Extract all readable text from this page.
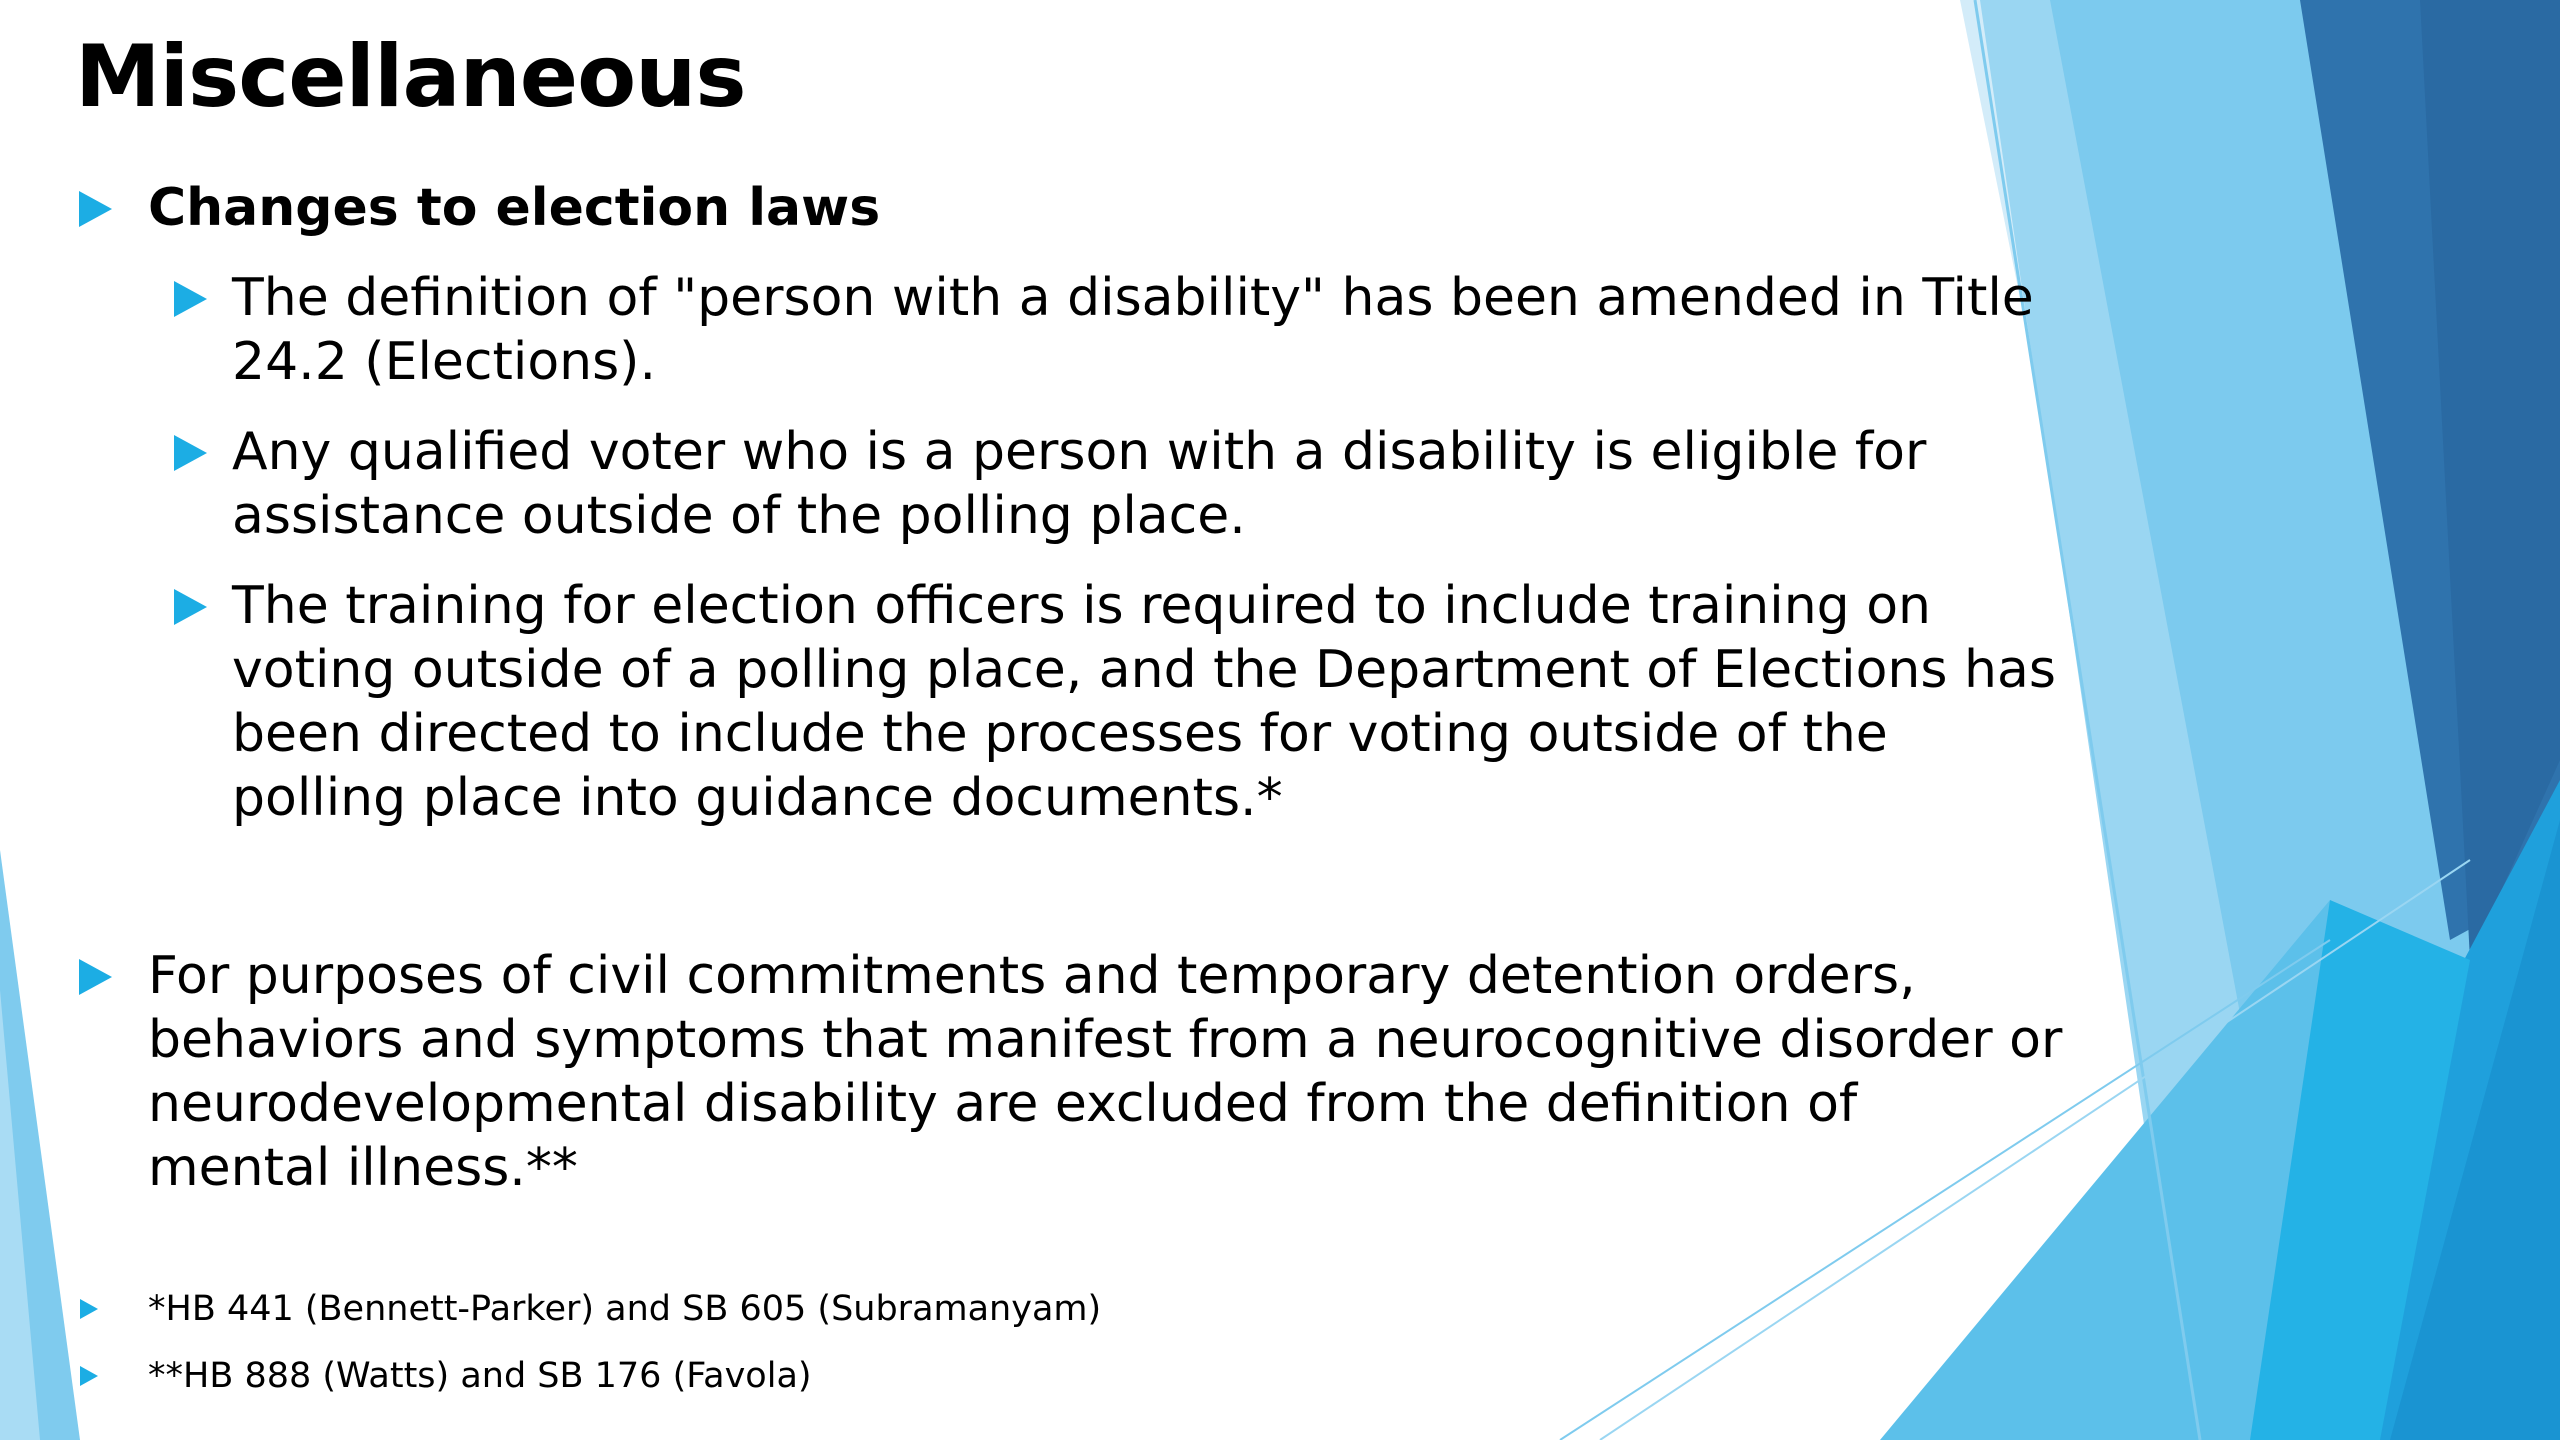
Miscellaneous
Changes to election laws
The definition of "person with a disability" has been amended in Title
24.2 (Elections).
Any qualified voter who is a person with a disability is eligible for
assistance outside of the polling place.
The training for election officers is required to include training on
voting outside of a polling place, and the Department of Elections has
been directed to include the processes for voting outside of the
polling place into guidance documents.*
For purposes of civil commitments and temporary detention orders,
behaviors and symptoms that manifest from a neurocognitive disorder or
neurodevelopmental disability are excluded from the definition of
mental illness.**
*HB 441 (Bennett-Parker) and SB 605 (Subramanyam)
**HB 888 (Watts) and SB 176 (Favola)
